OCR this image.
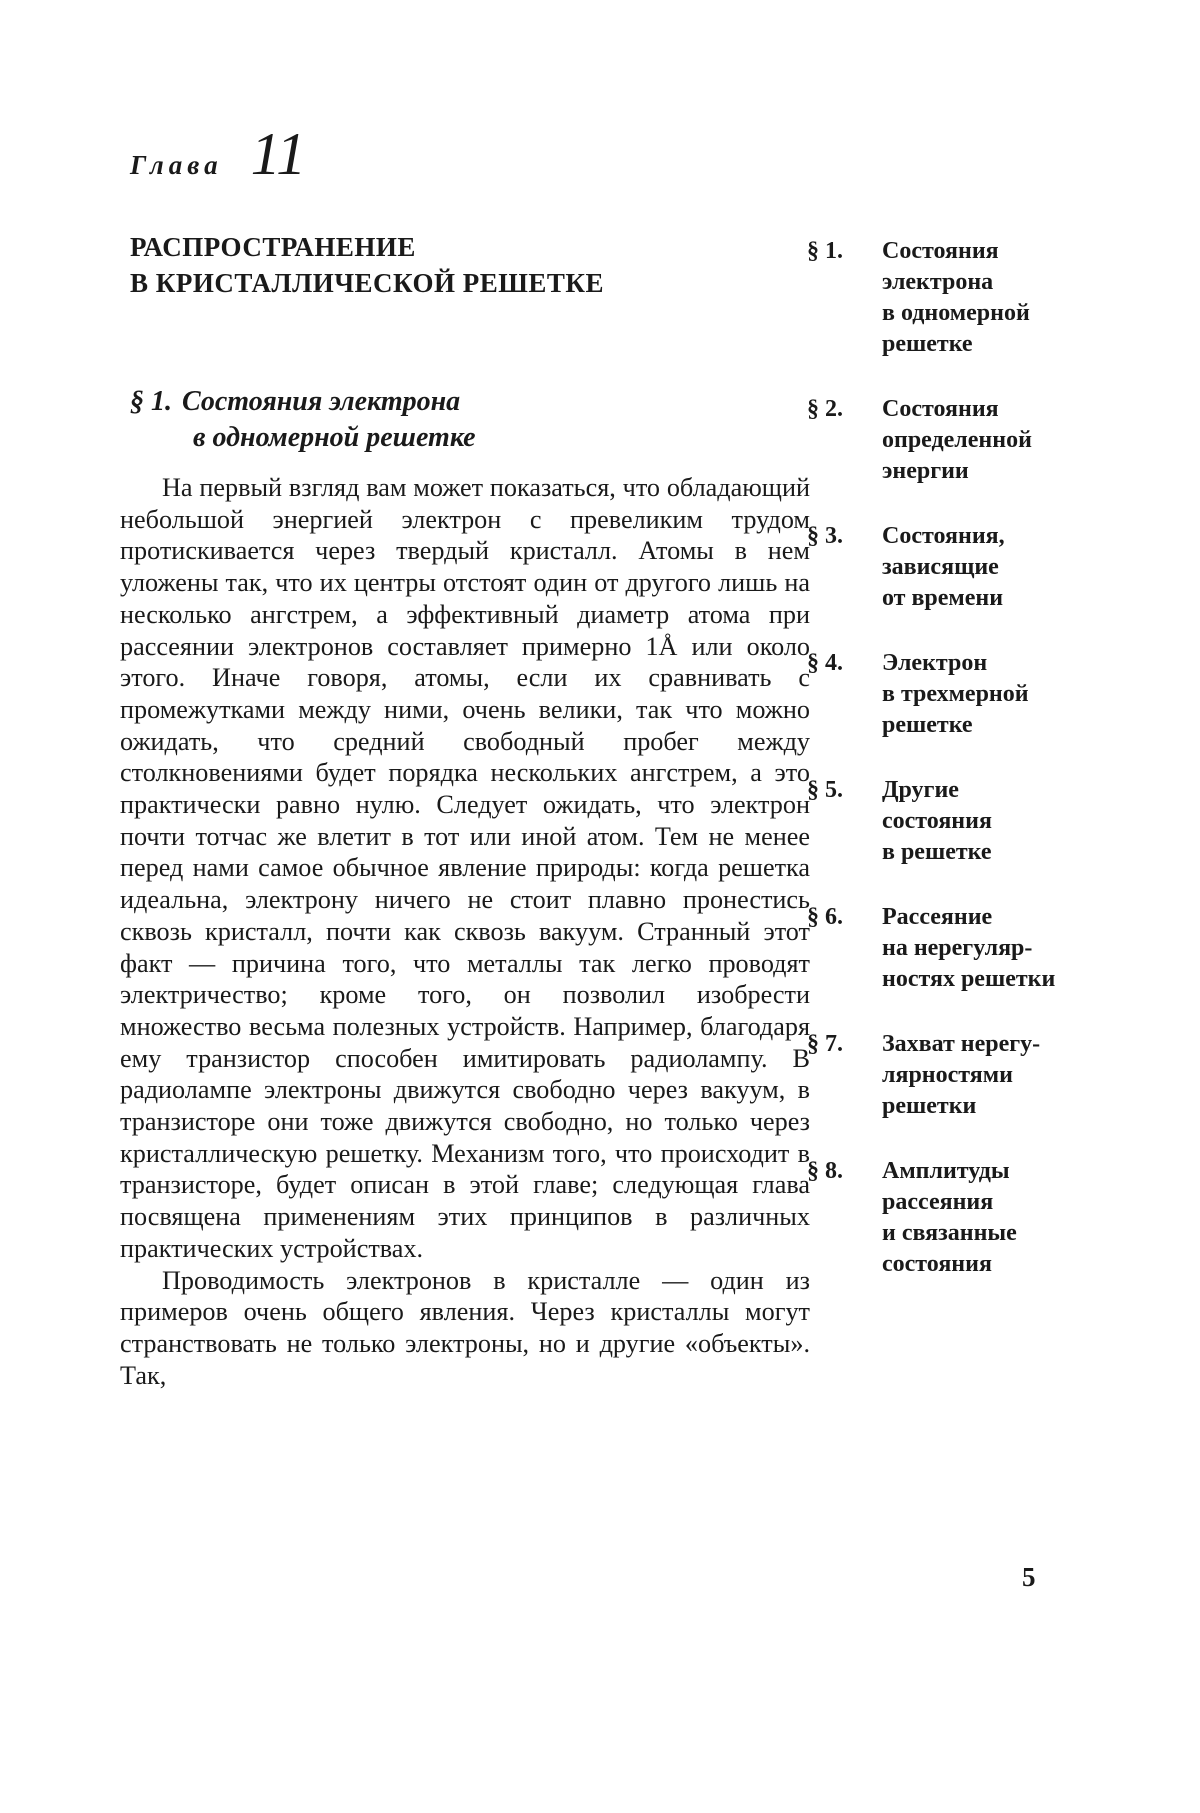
Глава 11
РАСПРОСТРАНЕНИЕ
В КРИСТАЛЛИЧЕСКОЙ РЕШЕТКЕ
§ 1. Состояния электрона
в одномерной решетке

На первый взгляд вам может показаться, что обладающий небольшой энергией электрон с превеликим трудом протискивается через твердый кристалл. Атомы в нем уложены так, что их центры отстоят один от другого лишь на несколько ангстрем, а эффективный диаметр атома при рассеянии электронов составляет примерно 1Å или около этого. Иначе говоря, атомы, если их сравнивать с промежутками между ними, очень велики, так что можно ожидать, что средний свободный пробег между столкновениями будет порядка нескольких ангстрем, а это практически равно нулю. Следует ожидать, что электрон почти тотчас же влетит в тот или иной атом. Тем не менее перед нами самое обычное явление природы: когда решетка идеальна, электрону ничего не стоит плавно пронестись сквозь кристалл, почти как сквозь вакуум. Странный этот факт — причина того, что металлы так легко проводят электричество; кроме того, он позволил изобрести множество весьма полезных устройств. Например, благодаря ему транзистор способен имитировать радиолампу. В радиолампе электроны движутся свободно через вакуум, в транзисторе они тоже движутся свободно, но только через кристаллическую решетку. Механизм того, что происходит в транзисторе, будет описан в этой главе; следующая глава посвящена применениям этих принципов в различных практических устройствах.

Проводимость электронов в кристалле — один из примеров очень общего явления. Через кристаллы могут странствовать не только электроны, но и другие «объекты». Так,

§ 1.	Состояния
электрона
в одномерной
решетке
§ 2.	Состояния
определенной
энергии
§ 3.	Состояния,
зависящие
от времени
§ 4.	Электрон
в трехмерной
решетке
§ 5.	Другие
состояния
в решетке
§ 6.	Рассеяние
на нерегуляр-
ностях решетки
§ 7.	Захват нерегу-
лярностями
решетки
§ 8.	Амплитуды
рассеяния
и связанные
состояния
5
